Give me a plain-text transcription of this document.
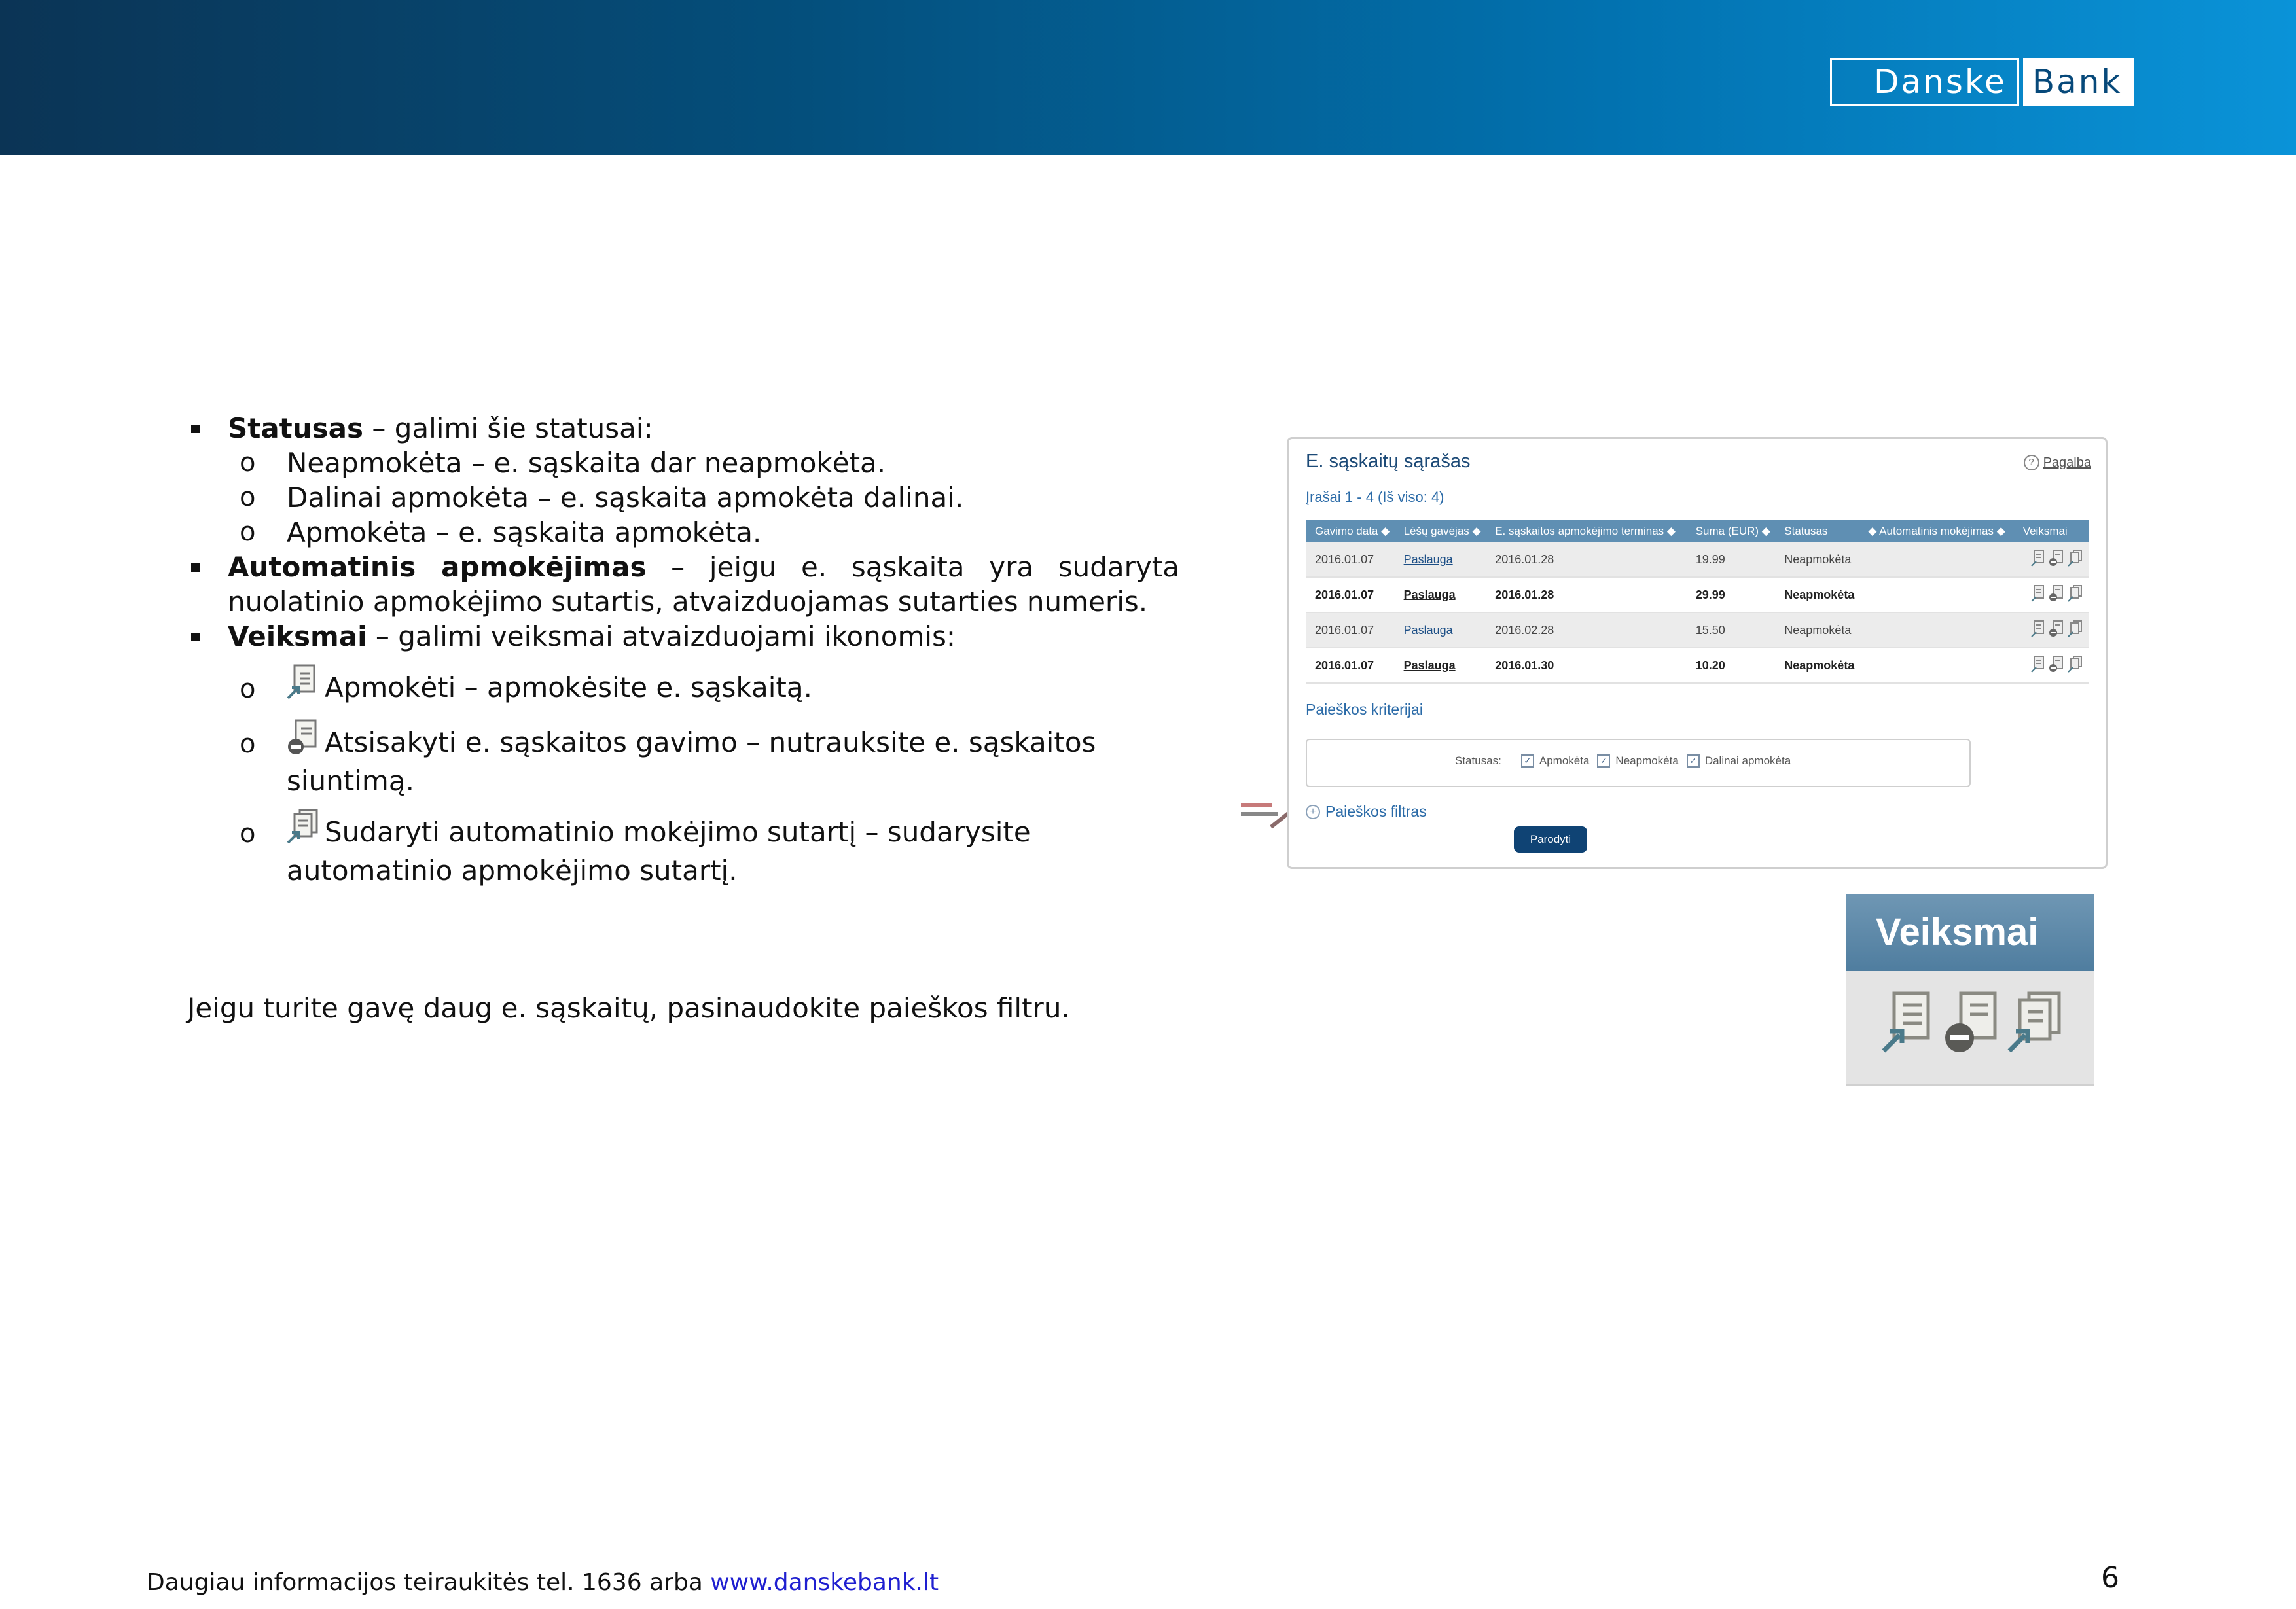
Danske Bank
Statusas – galimi šie statusai:
o Neapmokėta – e. sąskaita dar neapmokėta.
o Dalinai apmokėta – e. sąskaita apmokėta dalinai.
o Apmokėta – e. sąskaita apmokėta.
Automatinis apmokėjimas – jeigu e. sąskaita yra sudaryta nuolatinio apmokėjimo sutartis, atvaizduojamas sutarties numeris.
Veiksmai – galimi veiksmai atvaizduojami ikonomis:
o	Apmokėti – apmokėsite e. sąskaitą.
o	Atsisakyti e. sąskaitos gavimo – nutrauksite e. sąskaitos siuntimą.
o	Sudaryti automatinio mokėjimo sutartį – sudarysite automatinio apmokėjimo sutartį.
Jeigu turite gavę daug e. sąskaitų, pasinaudokite paieškos filtru.
Daugiau informacijos teiraukitės tel. 1636 arba www.danskebank.lt	6
E. sąskaitų sąrašas	? Pagalba
Įrašai 1 - 4 (Iš viso: 4)
Gavimo data ◆	Lėšų gavėjas ◆	E. sąskaitos apmokėjimo terminas ◆	Suma (EUR) ◆	Statusas	◆ Automatinis mokėjimas ◆	Veiksmai
2016.01.07	Paslauga	2016.01.28	19.99	Neapmokėta		
2016.01.07	Paslauga	2016.01.28	29.99	Neapmokėta		
2016.01.07	Paslauga	2016.02.28	15.50	Neapmokėta		
2016.01.07	Paslauga	2016.01.30	10.20	Neapmokėta		
Paieškos kriterijai
Statusas:	✓ Apmokėta	✓ Neapmokėta	✓ Dalinai apmokėta
+ Paieškos filtras
Parodyti
Veiksmai
